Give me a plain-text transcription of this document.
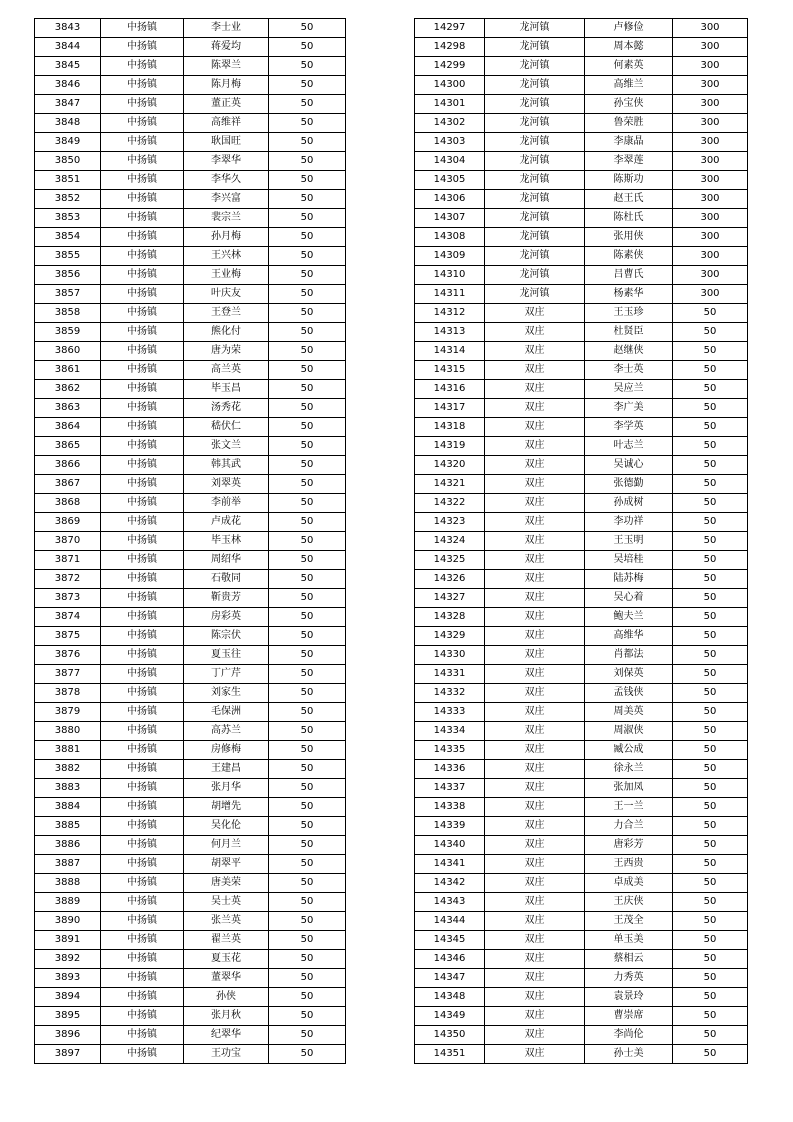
3843	中扬镇	李士业	50
3844	中扬镇	蒋爱均	50
3845	中扬镇	陈翠兰	50
3846	中扬镇	陈月梅	50
3847	中扬镇	董正英	50
3848	中扬镇	高维祥	50
3849	中扬镇	耿国旺	50
3850	中扬镇	李翠华	50
3851	中扬镇	李华久	50
3852	中扬镇	李兴富	50
3853	中扬镇	裴宗兰	50
3854	中扬镇	孙月梅	50
3855	中扬镇	王兴林	50
3856	中扬镇	王业梅	50
3857	中扬镇	叶庆友	50
3858	中扬镇	王登兰	50
3859	中扬镇	熊化付	50
3860	中扬镇	唐为荣	50
3861	中扬镇	高兰英	50
3862	中扬镇	毕玉昌	50
3863	中扬镇	汤秀花	50
3864	中扬镇	嵇伏仁	50
3865	中扬镇	张文兰	50
3866	中扬镇	韩其武	50
3867	中扬镇	刘翠英	50
3868	中扬镇	李前举	50
3869	中扬镇	卢成花	50
3870	中扬镇	毕玉林	50
3871	中扬镇	周绍华	50
3872	中扬镇	石敬同	50
3873	中扬镇	靳贵芳	50
3874	中扬镇	房彩英	50
3875	中扬镇	陈宗伏	50
3876	中扬镇	夏玉往	50
3877	中扬镇	丁广芹	50
3878	中扬镇	刘家生	50
3879	中扬镇	毛保洲	50
3880	中扬镇	高苏兰	50
3881	中扬镇	房修梅	50
3882	中扬镇	王建昌	50
3883	中扬镇	张月华	50
3884	中扬镇	胡增先	50
3885	中扬镇	吴化伦	50
3886	中扬镇	何月兰	50
3887	中扬镇	胡翠平	50
3888	中扬镇	唐美荣	50
3889	中扬镇	吴士英	50
3890	中扬镇	张兰英	50
3891	中扬镇	翟兰英	50
3892	中扬镇	夏玉花	50
3893	中扬镇	董翠华	50
3894	中扬镇	孙侠	50
3895	中扬镇	张月秋	50
3896	中扬镇	纪翠华	50
3897	中扬镇	王功宝	50
14297	龙河镇	卢修俭	300
14298	龙河镇	周本懿	300
14299	龙河镇	何素英	300
14300	龙河镇	高维兰	300
14301	龙河镇	孙宝侠	300
14302	龙河镇	鲁荣胜	300
14303	龙河镇	李康晶	300
14304	龙河镇	李翠莲	300
14305	龙河镇	陈斯功	300
14306	龙河镇	赵王氏	300
14307	龙河镇	陈杜氏	300
14308	龙河镇	张用侠	300
14309	龙河镇	陈素侠	300
14310	龙河镇	吕曹氏	300
14311	龙河镇	杨素华	300
14312	双庄	王玉珍	50
14313	双庄	杜贤臣	50
14314	双庄	赵继侠	50
14315	双庄	李士英	50
14316	双庄	吴应兰	50
14317	双庄	李广美	50
14318	双庄	李学英	50
14319	双庄	叶志兰	50
14320	双庄	吴诚心	50
14321	双庄	张德勤	50
14322	双庄	孙成树	50
14323	双庄	李功祥	50
14324	双庄	王玉明	50
14325	双庄	吴培桂	50
14326	双庄	陆苏梅	50
14327	双庄	吴心着	50
14328	双庄	鲍夫兰	50
14329	双庄	高维华	50
14330	双庄	肖都法	50
14331	双庄	刘保英	50
14332	双庄	孟钱侠	50
14333	双庄	周美英	50
14334	双庄	周淑侠	50
14335	双庄	臧公成	50
14336	双庄	徐永兰	50
14337	双庄	张加凤	50
14338	双庄	王一兰	50
14339	双庄	力合兰	50
14340	双庄	唐彩芳	50
14341	双庄	王西贵	50
14342	双庄	卓成美	50
14343	双庄	王庆侠	50
14344	双庄	王茂全	50
14345	双庄	单玉美	50
14346	双庄	蔡相云	50
14347	双庄	力秀英	50
14348	双庄	袁景玲	50
14349	双庄	曹崇席	50
14350	双庄	李尚伦	50
14351	双庄	孙士美	50
